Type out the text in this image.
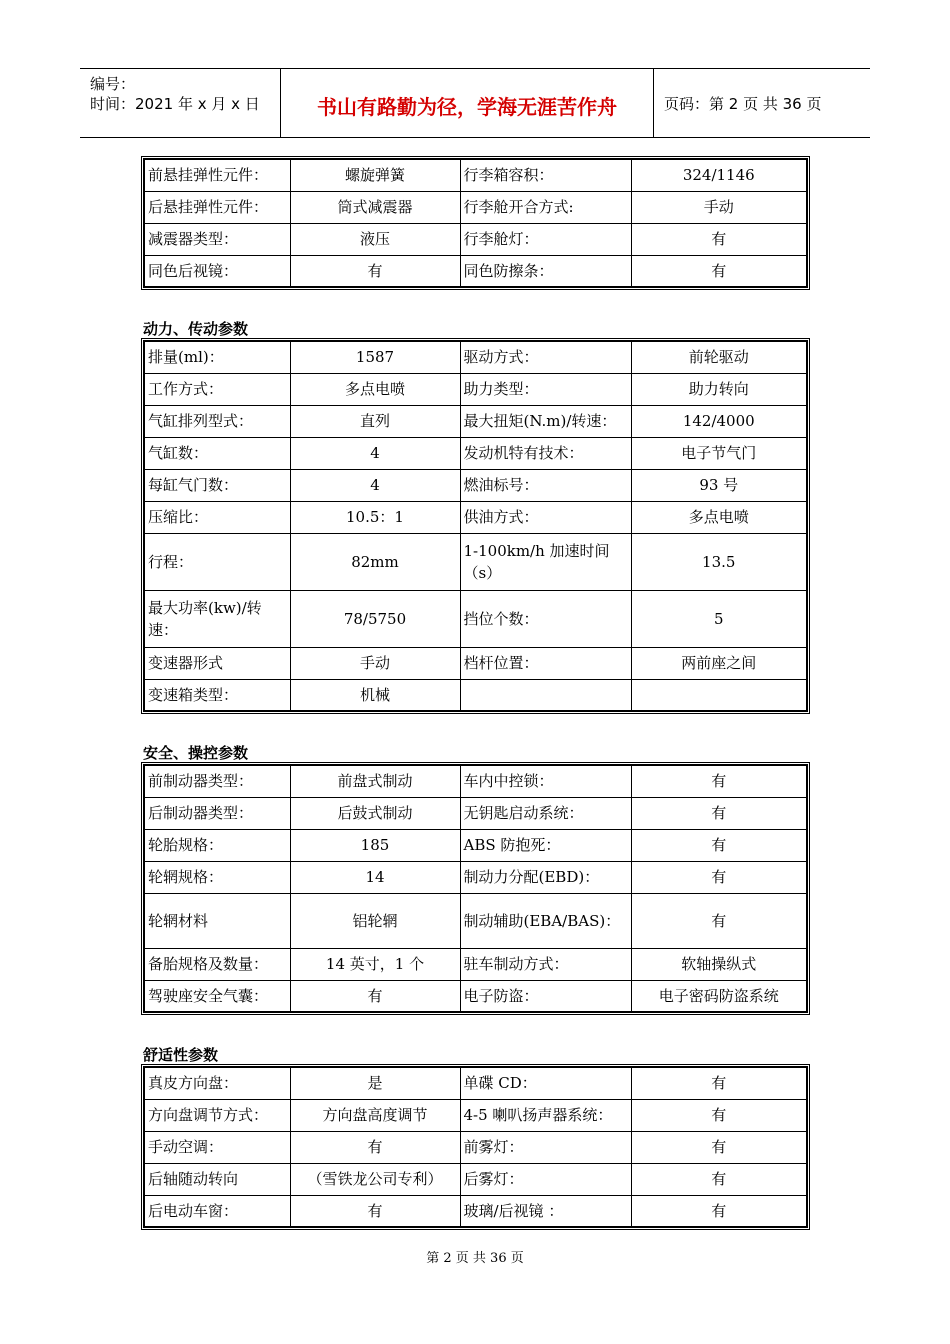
编号：
时间：2021 年 x 月 x 日	书山有路勤为径，学海无涯苦作舟	页码：第 2 页 共 36 页
前悬挂弹性元件：	螺旋弹簧	行李箱容积：	324/1146
后悬挂弹性元件：	筒式减震器	行李舱开合方式:	手动
减震器类型：	液压	行李舱灯：	有
同色后视镜：	有	同色防擦条：	有
动力、传动参数
排量(ml)：	1587	驱动方式：	前轮驱动
工作方式：	多点电喷	助力类型：	助力转向
气缸排列型式：	直列	最大扭矩(N.m)/转速：	142/4000
气缸数：	4	发动机特有技术：	电子节气门
每缸气门数：	4	燃油标号：	93 号
压缩比：	10.5：1	供油方式：	多点电喷
行程：	82mm	1-100km/h 加速时间（s）	13.5
最大功率(kw)/转速：	78/5750	挡位个数：	5
变速器形式	手动	档杆位置：	两前座之间
变速箱类型：	机械		
安全、操控参数
前制动器类型：	前盘式制动	车内中控锁：	有
后制动器类型：	后鼓式制动	无钥匙启动系统：	有
轮胎规格：	185	ABS 防抱死：	有
轮辋规格：	14	制动力分配(EBD)：	有
轮辋材料	铝轮辋	制动辅助(EBA/BAS)：	有
备胎规格及数量：	14 英寸，1 个	驻车制动方式：	软轴操纵式
驾驶座安全气囊：	有	电子防盗：	电子密码防盗系统
舒适性参数
真皮方向盘：	是	单碟 CD：	有
方向盘调节方式：	方向盘高度调节	4-5 喇叭扬声器系统：	有
手动空调：	有	前雾灯：	有
后轴随动转向	（雪铁龙公司专利）	后雾灯：	有
后电动车窗：	有	玻璃/后视镜 ：	有
第 2 页 共 36 页
